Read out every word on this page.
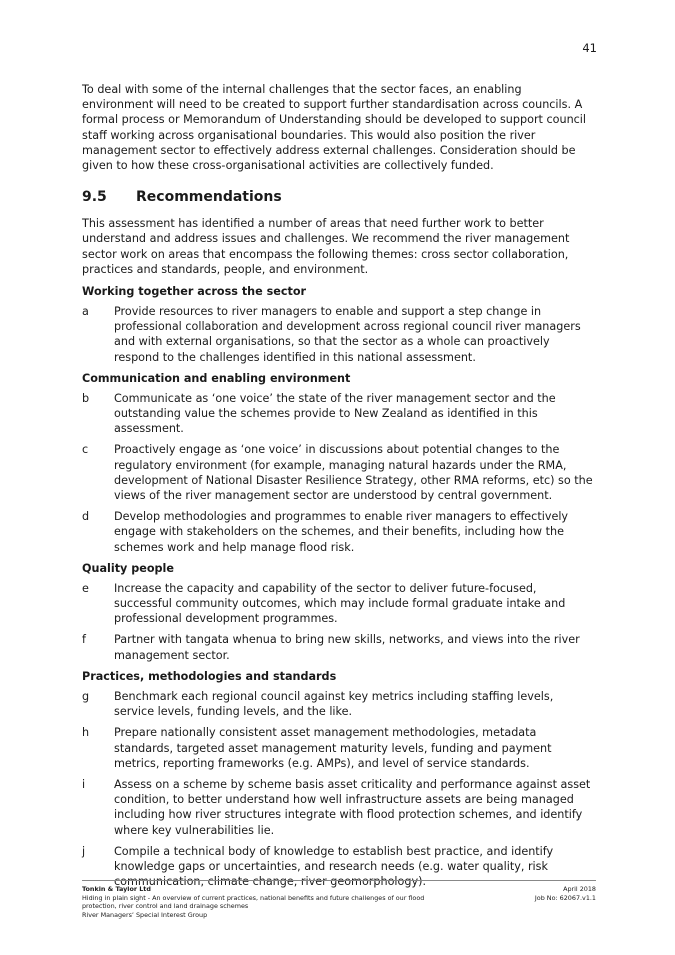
41

To deal with some of the internal challenges that the sector faces, an enabling environment will need to be created to support further standardisation across councils. A formal process or Memorandum of Understanding should be developed to support council staff working across organisational boundaries. This would also position the river management sector to effectively address external challenges. Consideration should be given to how these cross-organisational activities are collectively funded.

9.5	Recommendations

This assessment has identified a number of areas that need further work to better understand and address issues and challenges. We recommend the river management sector work on areas that encompass the following themes: cross sector collaboration, practices and standards, people, and environment.

Working together across the sector
a	Provide resources to river managers to enable and support a step change in professional collaboration and development across regional council river managers and with external organisations, so that the sector as a whole can proactively respond to the challenges identified in this national assessment.
Communication and enabling environment
b	Communicate as ‘one voice’ the state of the river management sector and the outstanding value the schemes provide to New Zealand as identified in this assessment.
c	Proactively engage as ‘one voice’ in discussions about potential changes to the regulatory environment (for example, managing natural hazards under the RMA, development of National Disaster Resilience Strategy, other RMA reforms, etc) so the views of the river management sector are understood by central government.
d	Develop methodologies and programmes to enable river managers to effectively engage with stakeholders on the schemes, and their benefits, including how the schemes work and help manage flood risk.
Quality people
e	Increase the capacity and capability of the sector to deliver future-focused, successful community outcomes, which may include formal graduate intake and professional development programmes.
f	Partner with tangata whenua to bring new skills, networks, and views into the river management sector.
Practices, methodologies and standards
g	Benchmark each regional council against key metrics including staffing levels, service levels, funding levels, and the like.
h	Prepare nationally consistent asset management methodologies, metadata standards, targeted asset management maturity levels, funding and payment metrics, reporting frameworks (e.g. AMPs), and level of service standards.
i	Assess on a scheme by scheme basis asset criticality and performance against asset condition, to better understand how well infrastructure assets are being managed including how river structures integrate with flood protection schemes, and identify where key vulnerabilities lie.
j	Compile a technical body of knowledge to establish best practice, and identify knowledge gaps or uncertainties, and research needs (e.g. water quality, risk communication, climate change, river geomorphology).
Tonkin & Taylor Ltd
Hiding in plain sight - An overview of current practices, national benefits and future challenges of our flood protection, river control and land drainage schemes
River Managers’ Special Interest Group
April 2018
Job No: 62067.v1.1
